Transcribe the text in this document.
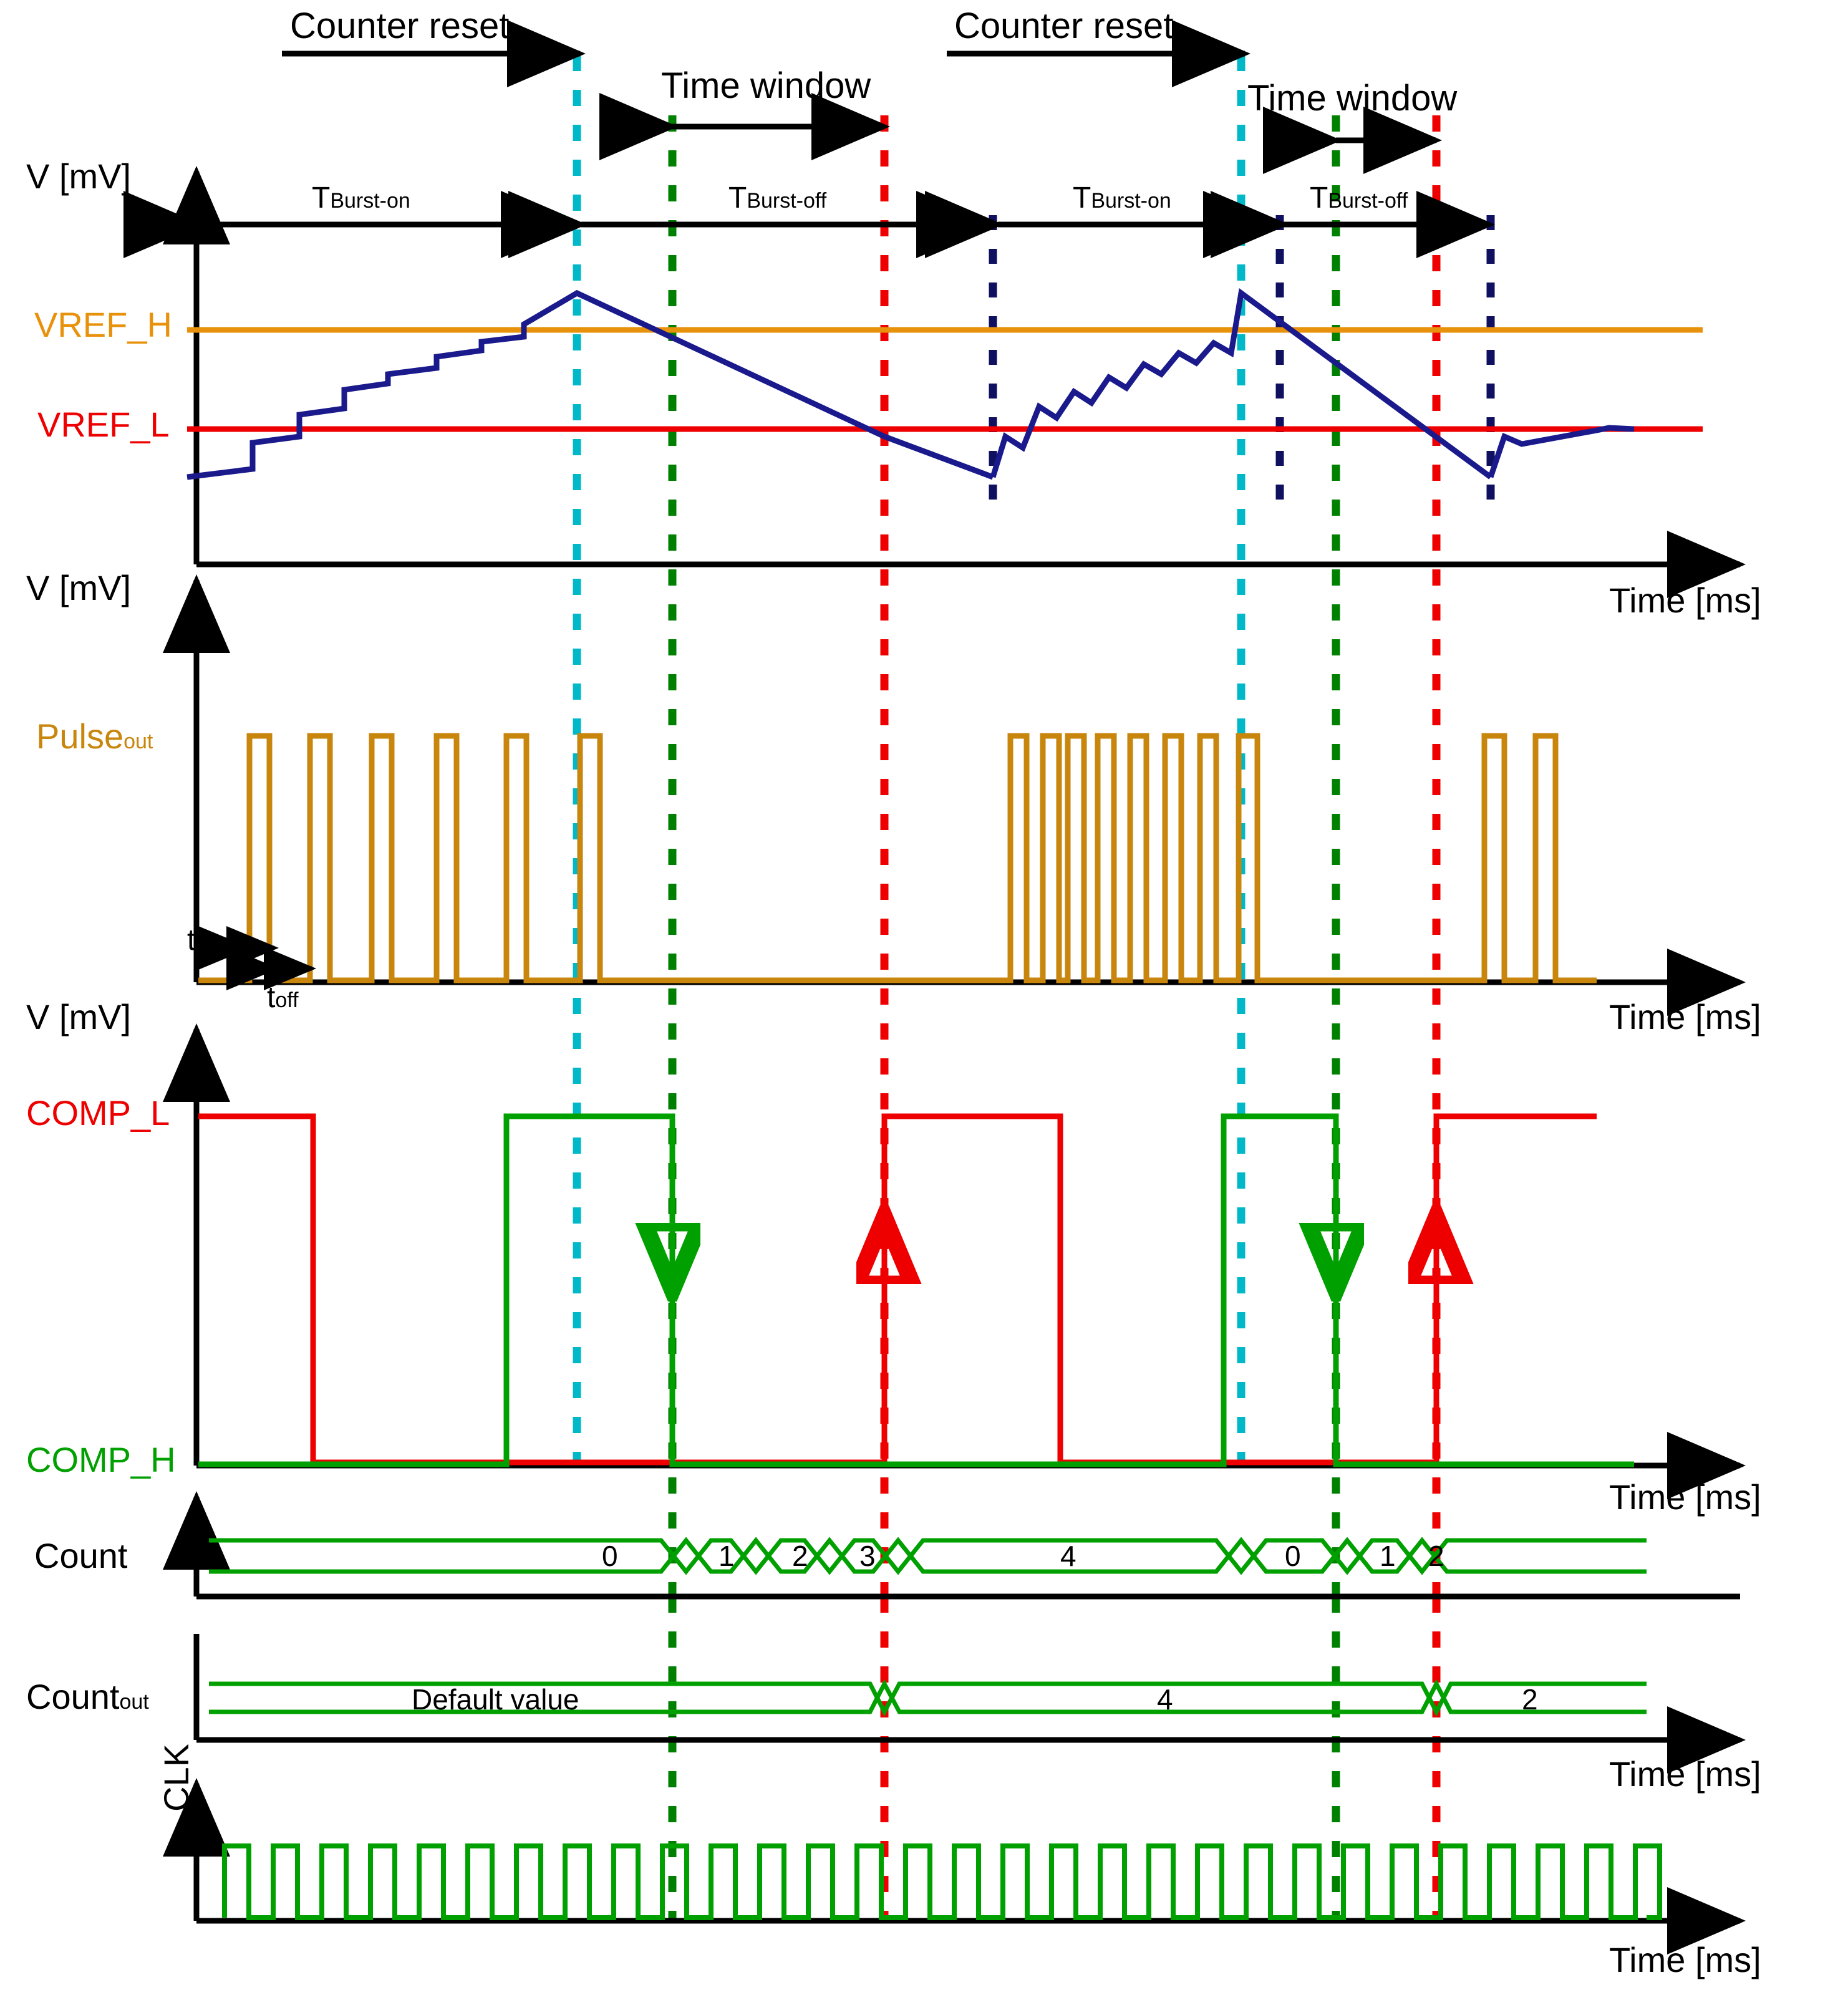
Counter reset	Counter reset
Time window	Time window
TBurst-on	TBurst-off	TBurst-on	TBurst-off
V [mV]
VREF_H
VREF_L
Time [ms]
V [mV]
Pulseout
ton
toff	Time [ms]
V [mV]
COMP_L
COMP_H
Time [ms]
Count	0	1 2 3	4	0	1 2
Countout	Default value	4	2
Time [ms]
CLK
Time [ms]
